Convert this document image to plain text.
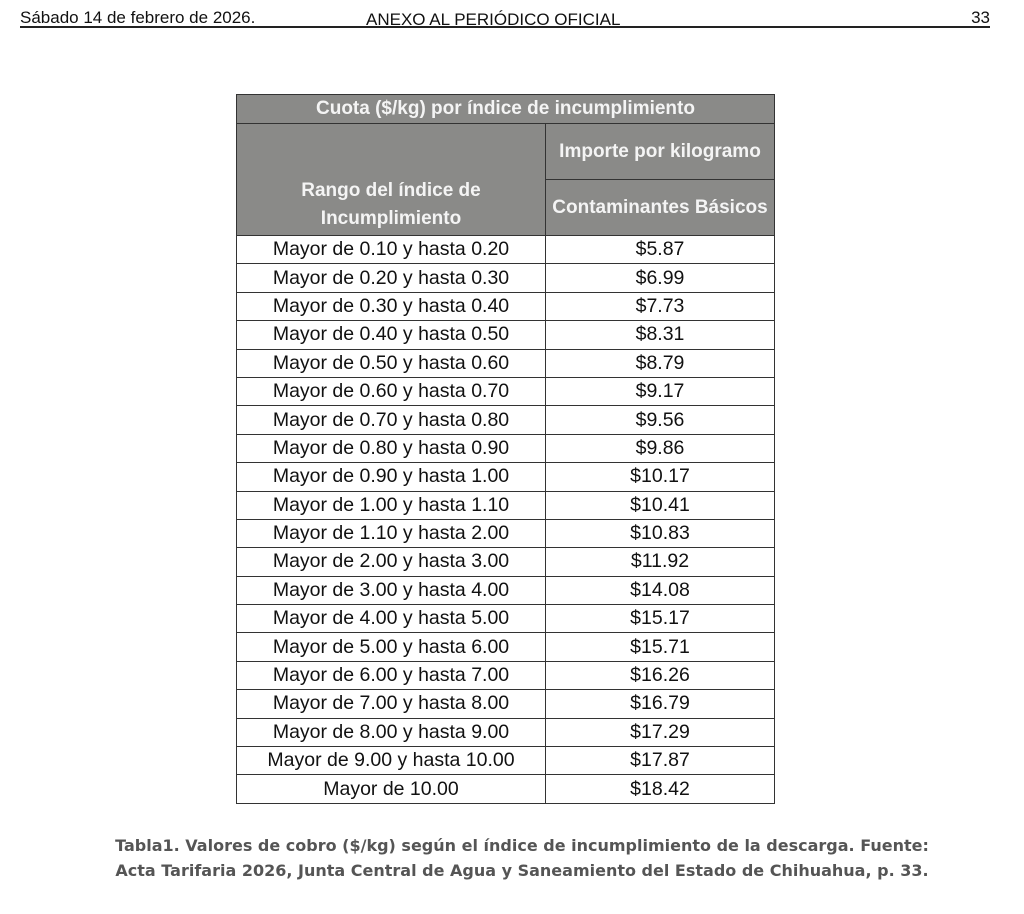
Sábado 14 de febrero de 2026.	ANEXO AL PERIÓDICO OFICIAL	33
Cuota ($/kg) por índice de incumplimiento	
Rango del índice de Incumplimiento	Importe por kilogramo
	Contaminantes Básicos
Mayor de 0.10 y hasta 0.20	$5.87
Mayor de 0.20 y hasta 0.30	$6.99
Mayor de 0.30 y hasta 0.40	$7.73
Mayor de 0.40 y hasta 0.50	$8.31
Mayor de 0.50 y hasta 0.60	$8.79
Mayor de 0.60 y hasta 0.70	$9.17
Mayor de 0.70 y hasta 0.80	$9.56
Mayor de 0.80 y hasta 0.90	$9.86
Mayor de 0.90 y hasta 1.00	$10.17
Mayor de 1.00 y hasta 1.10	$10.41
Mayor de 1.10 y hasta 2.00	$10.83
Mayor de 2.00 y hasta 3.00	$11.92
Mayor de 3.00 y hasta 4.00	$14.08
Mayor de 4.00 y hasta 5.00	$15.17
Mayor de 5.00 y hasta 6.00	$15.71
Mayor de 6.00 y hasta 7.00	$16.26
Mayor de 7.00 y hasta 8.00	$16.79
Mayor de 8.00 y hasta 9.00	$17.29
Mayor de 9.00 y hasta 10.00	$17.87
Mayor de 10.00	$18.42
Tabla1. Valores de cobro ($/kg) según el índice de incumplimiento de la descarga. Fuente:
Acta Tarifaria 2026, Junta Central de Agua y Saneamiento del Estado de Chihuahua, p. 33.
